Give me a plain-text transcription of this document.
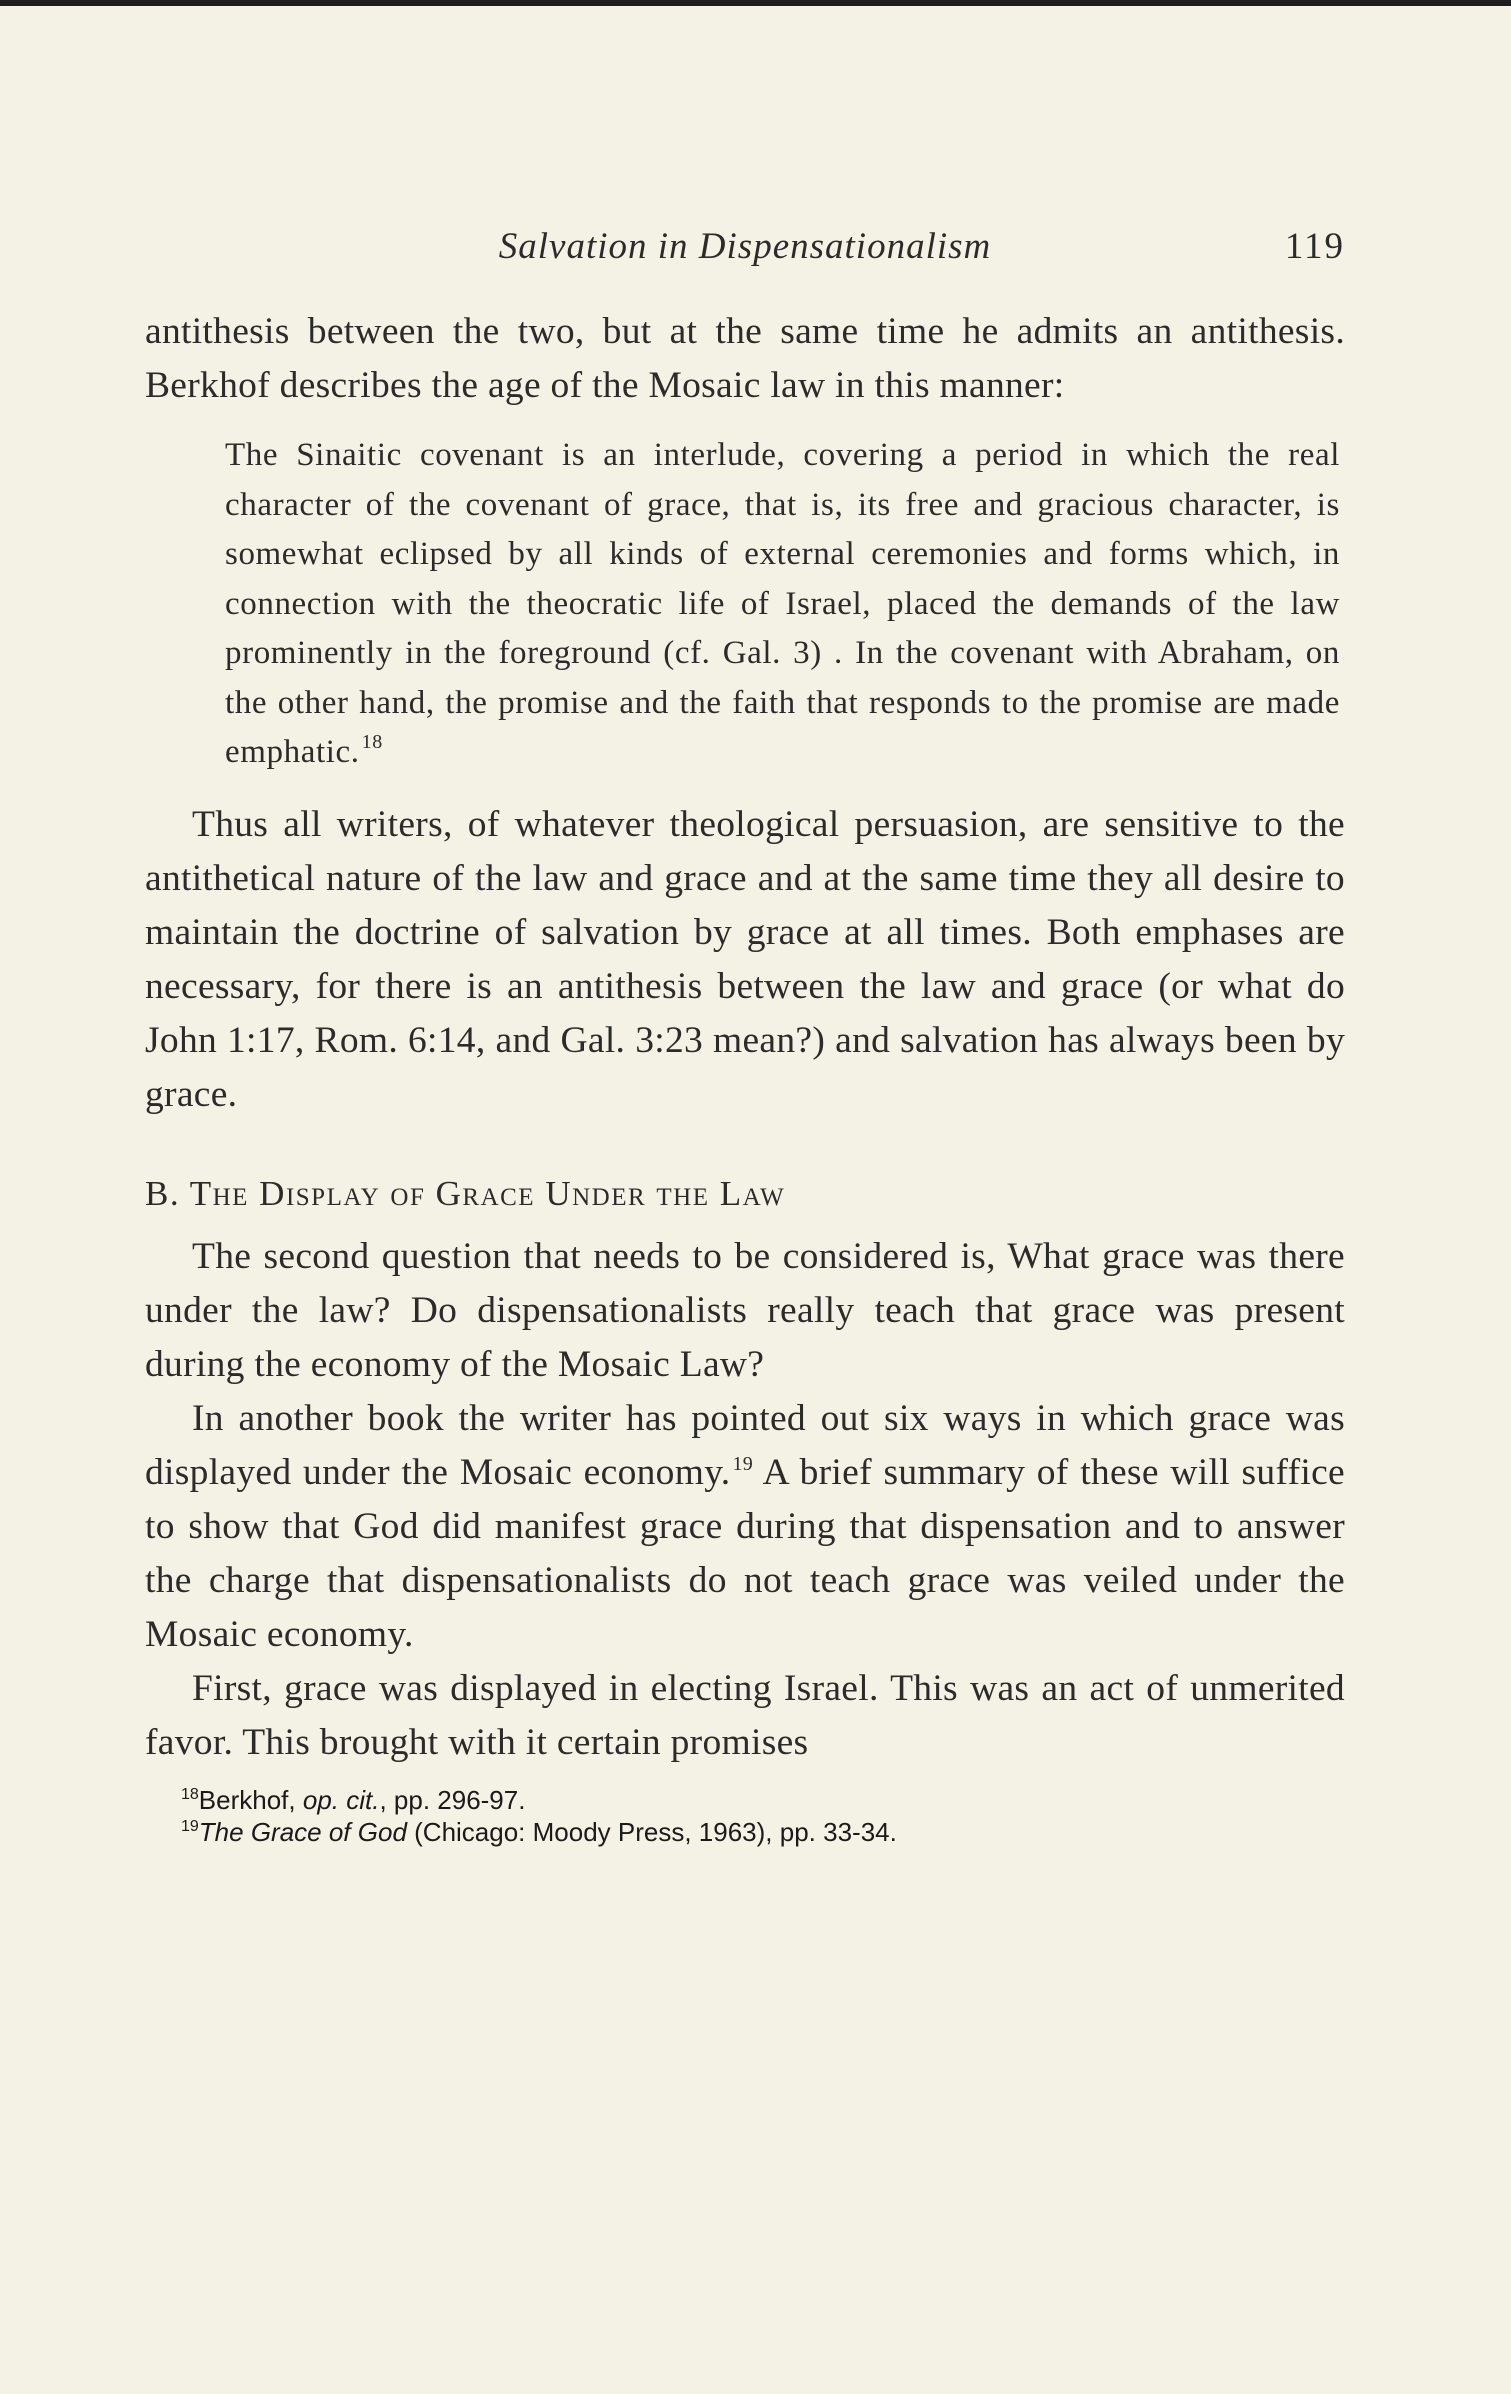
Salvation in Dispensationalism	119

antithesis between the two, but at the same time he admits an antithesis. Berkhof describes the age of the Mosaic law in this manner:

The Sinaitic covenant is an interlude, covering a period in which the real character of the covenant of grace, that is, its free and gracious character, is somewhat eclipsed by all kinds of external ceremonies and forms which, in connection with the theocratic life of Israel, placed the demands of the law prominently in the foreground (cf. Gal. 3) . In the covenant with Abraham, on the other hand, the promise and the faith that responds to the promise are made emphatic. $^{18}$

Thus all writers, of whatever theological persuasion, are sensitive to the antithetical nature of the law and grace and at the same time they all desire to maintain the doctrine of salvation by grace at all times. Both emphases are necessary, for there is an antithesis between the law and grace (or what do John 1:17, Rom. 6:14, and Gal. 3:23 mean?) and salvation has always been by grace.

B. The Display of Grace Under the Law

The second question that needs to be considered is, What grace was there under the law? Do dispensationalists really teach that grace was present during the economy of the Mosaic Law?

In another book the writer has pointed out six ways in which grace was displayed under the Mosaic economy. $^{19}$ A brief summary of these will suffice to show that God did manifest grace during that dispensation and to answer the charge that dispensationalists do not teach grace was veiled under the Mosaic economy.

First, grace was displayed in electing Israel. This was an act of unmerited favor. This brought with it certain promises

$^{18}$Berkhof, op. cit., pp. 296-97.
$^{19}$The Grace of God (Chicago: Moody Press, 1963), pp. 33-34.
